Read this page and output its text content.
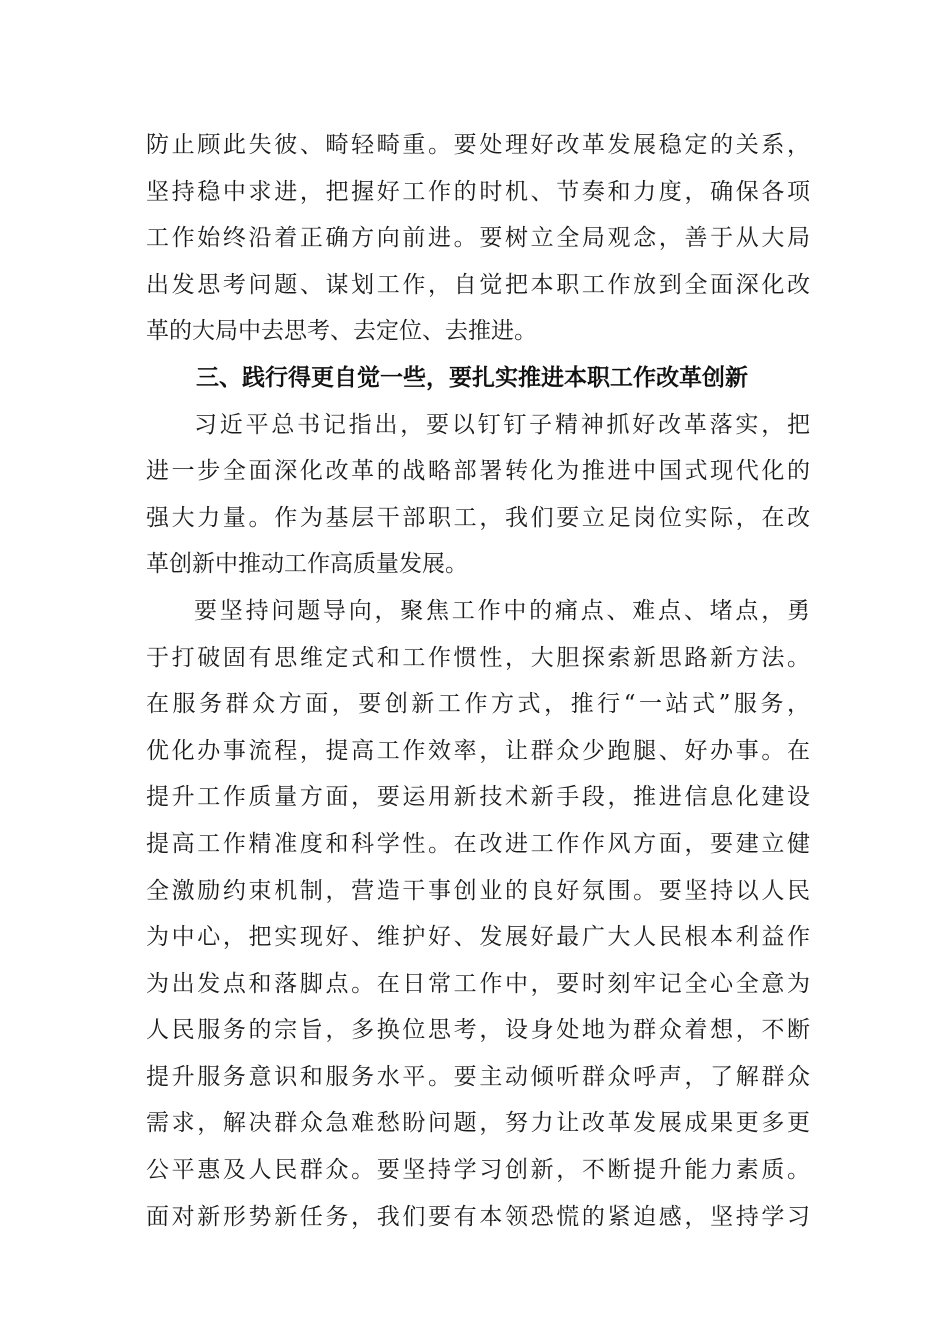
防止顾此失彼、畸轻畸重。要处理好改革发展稳定的关系，
坚持稳中求进，把握好工作的时机、节奏和力度，确保各项
工作始终沿着正确方向前进。要树立全局观念，善于从大局
出发思考问题、谋划工作，自觉把本职工作放到全面深化改
革的大局中去思考、去定位、去推进。
三、践行得更自觉一些，要扎实推进本职工作改革创新
习近平总书记指出，要以钉钉子精神抓好改革落实，把
进一步全面深化改革的战略部署转化为推进中国式现代化的
强大力量。作为基层干部职工，我们要立足岗位实际，在改
革创新中推动工作高质量发展。
要坚持问题导向，聚焦工作中的痛点、难点、堵点，勇
于打破固有思维定式和工作惯性，大胆探索新思路新方法。
在服务群众方面，要创新工作方式，推行“一站式”服务，
优化办事流程，提高工作效率，让群众少跑腿、好办事。在
提升工作质量方面，要运用新技术新手段，推进信息化建设
提高工作精准度和科学性。在改进工作作风方面，要建立健
全激励约束机制，营造干事创业的良好氛围。要坚持以人民
为中心，把实现好、维护好、发展好最广大人民根本利益作
为出发点和落脚点。在日常工作中，要时刻牢记全心全意为
人民服务的宗旨，多换位思考，设身处地为群众着想，不断
提升服务意识和服务水平。要主动倾听群众呼声，了解群众
需求，解决群众急难愁盼问题，努力让改革发展成果更多更
公平惠及人民群众。要坚持学习创新，不断提升能力素质。
面对新形势新任务，我们要有本领恐慌的紧迫感，坚持学习
